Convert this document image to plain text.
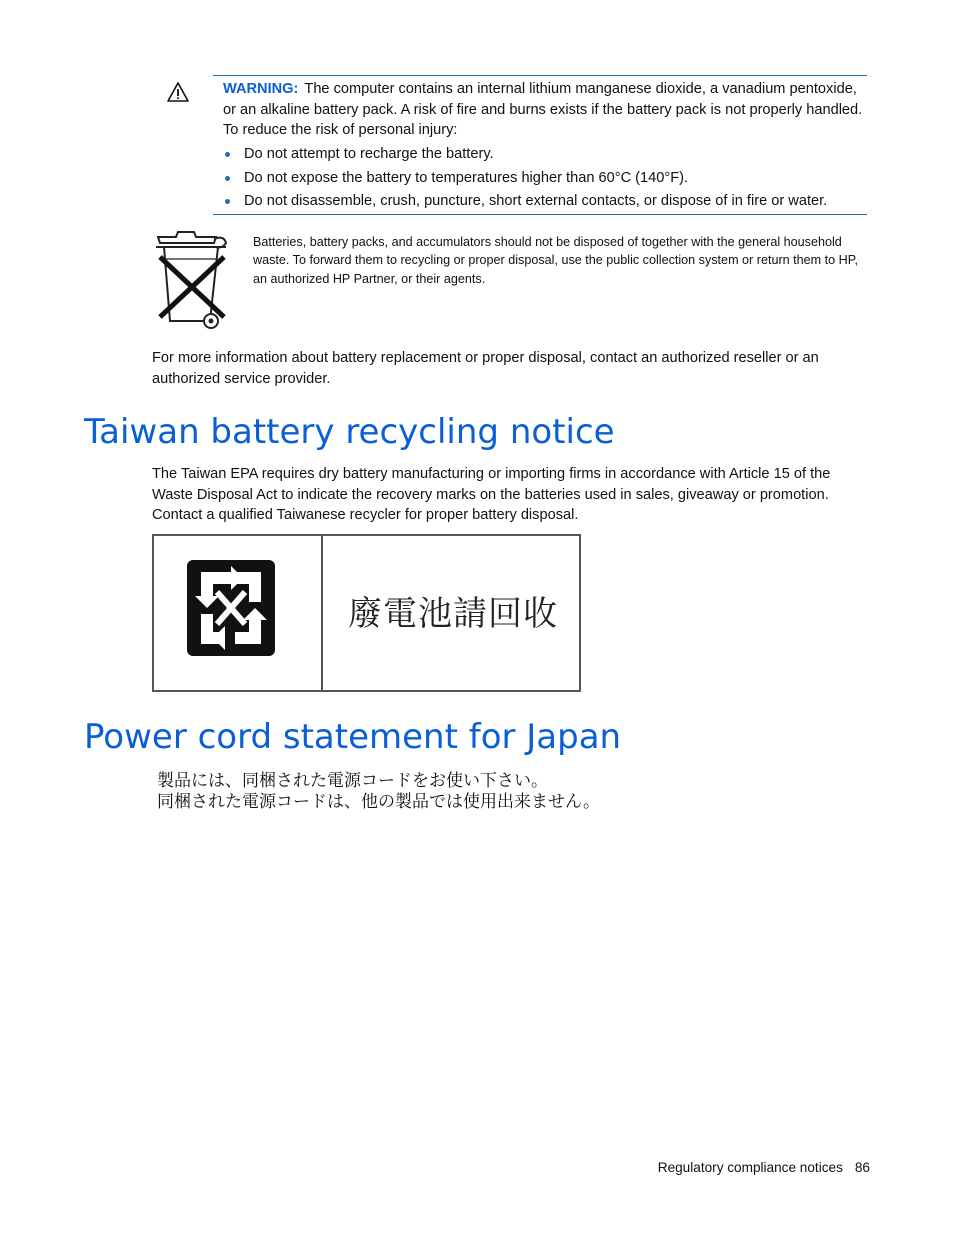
WARNING: The computer contains an internal lithium manganese dioxide, a vanadium pentoxide, or an alkaline battery pack. A risk of fire and burns exists if the battery pack is not properly handled. To reduce the risk of personal injury:
Do not attempt to recharge the battery.
Do not expose the battery to temperatures higher than 60°C (140°F).
Do not disassemble, crush, puncture, short external contacts, or dispose of in fire or water.
Batteries, battery packs, and accumulators should not be disposed of together with the general household waste. To forward them to recycling or proper disposal, use the public collection system or return them to HP, an authorized HP Partner, or their agents.
For more information about battery replacement or proper disposal, contact an authorized reseller or an authorized service provider.
Taiwan battery recycling notice
The Taiwan EPA requires dry battery manufacturing or importing firms in accordance with Article 15 of the Waste Disposal Act to indicate the recovery marks on the batteries used in sales, giveaway or promotion. Contact a qualified Taiwanese recycler for proper battery disposal.
廢電池請回收
Power cord statement for Japan
製品には、同梱された電源コードをお使い下さい。
同梱された電源コードは、他の製品では使用出来ません。
Regulatory compliance notices 86
